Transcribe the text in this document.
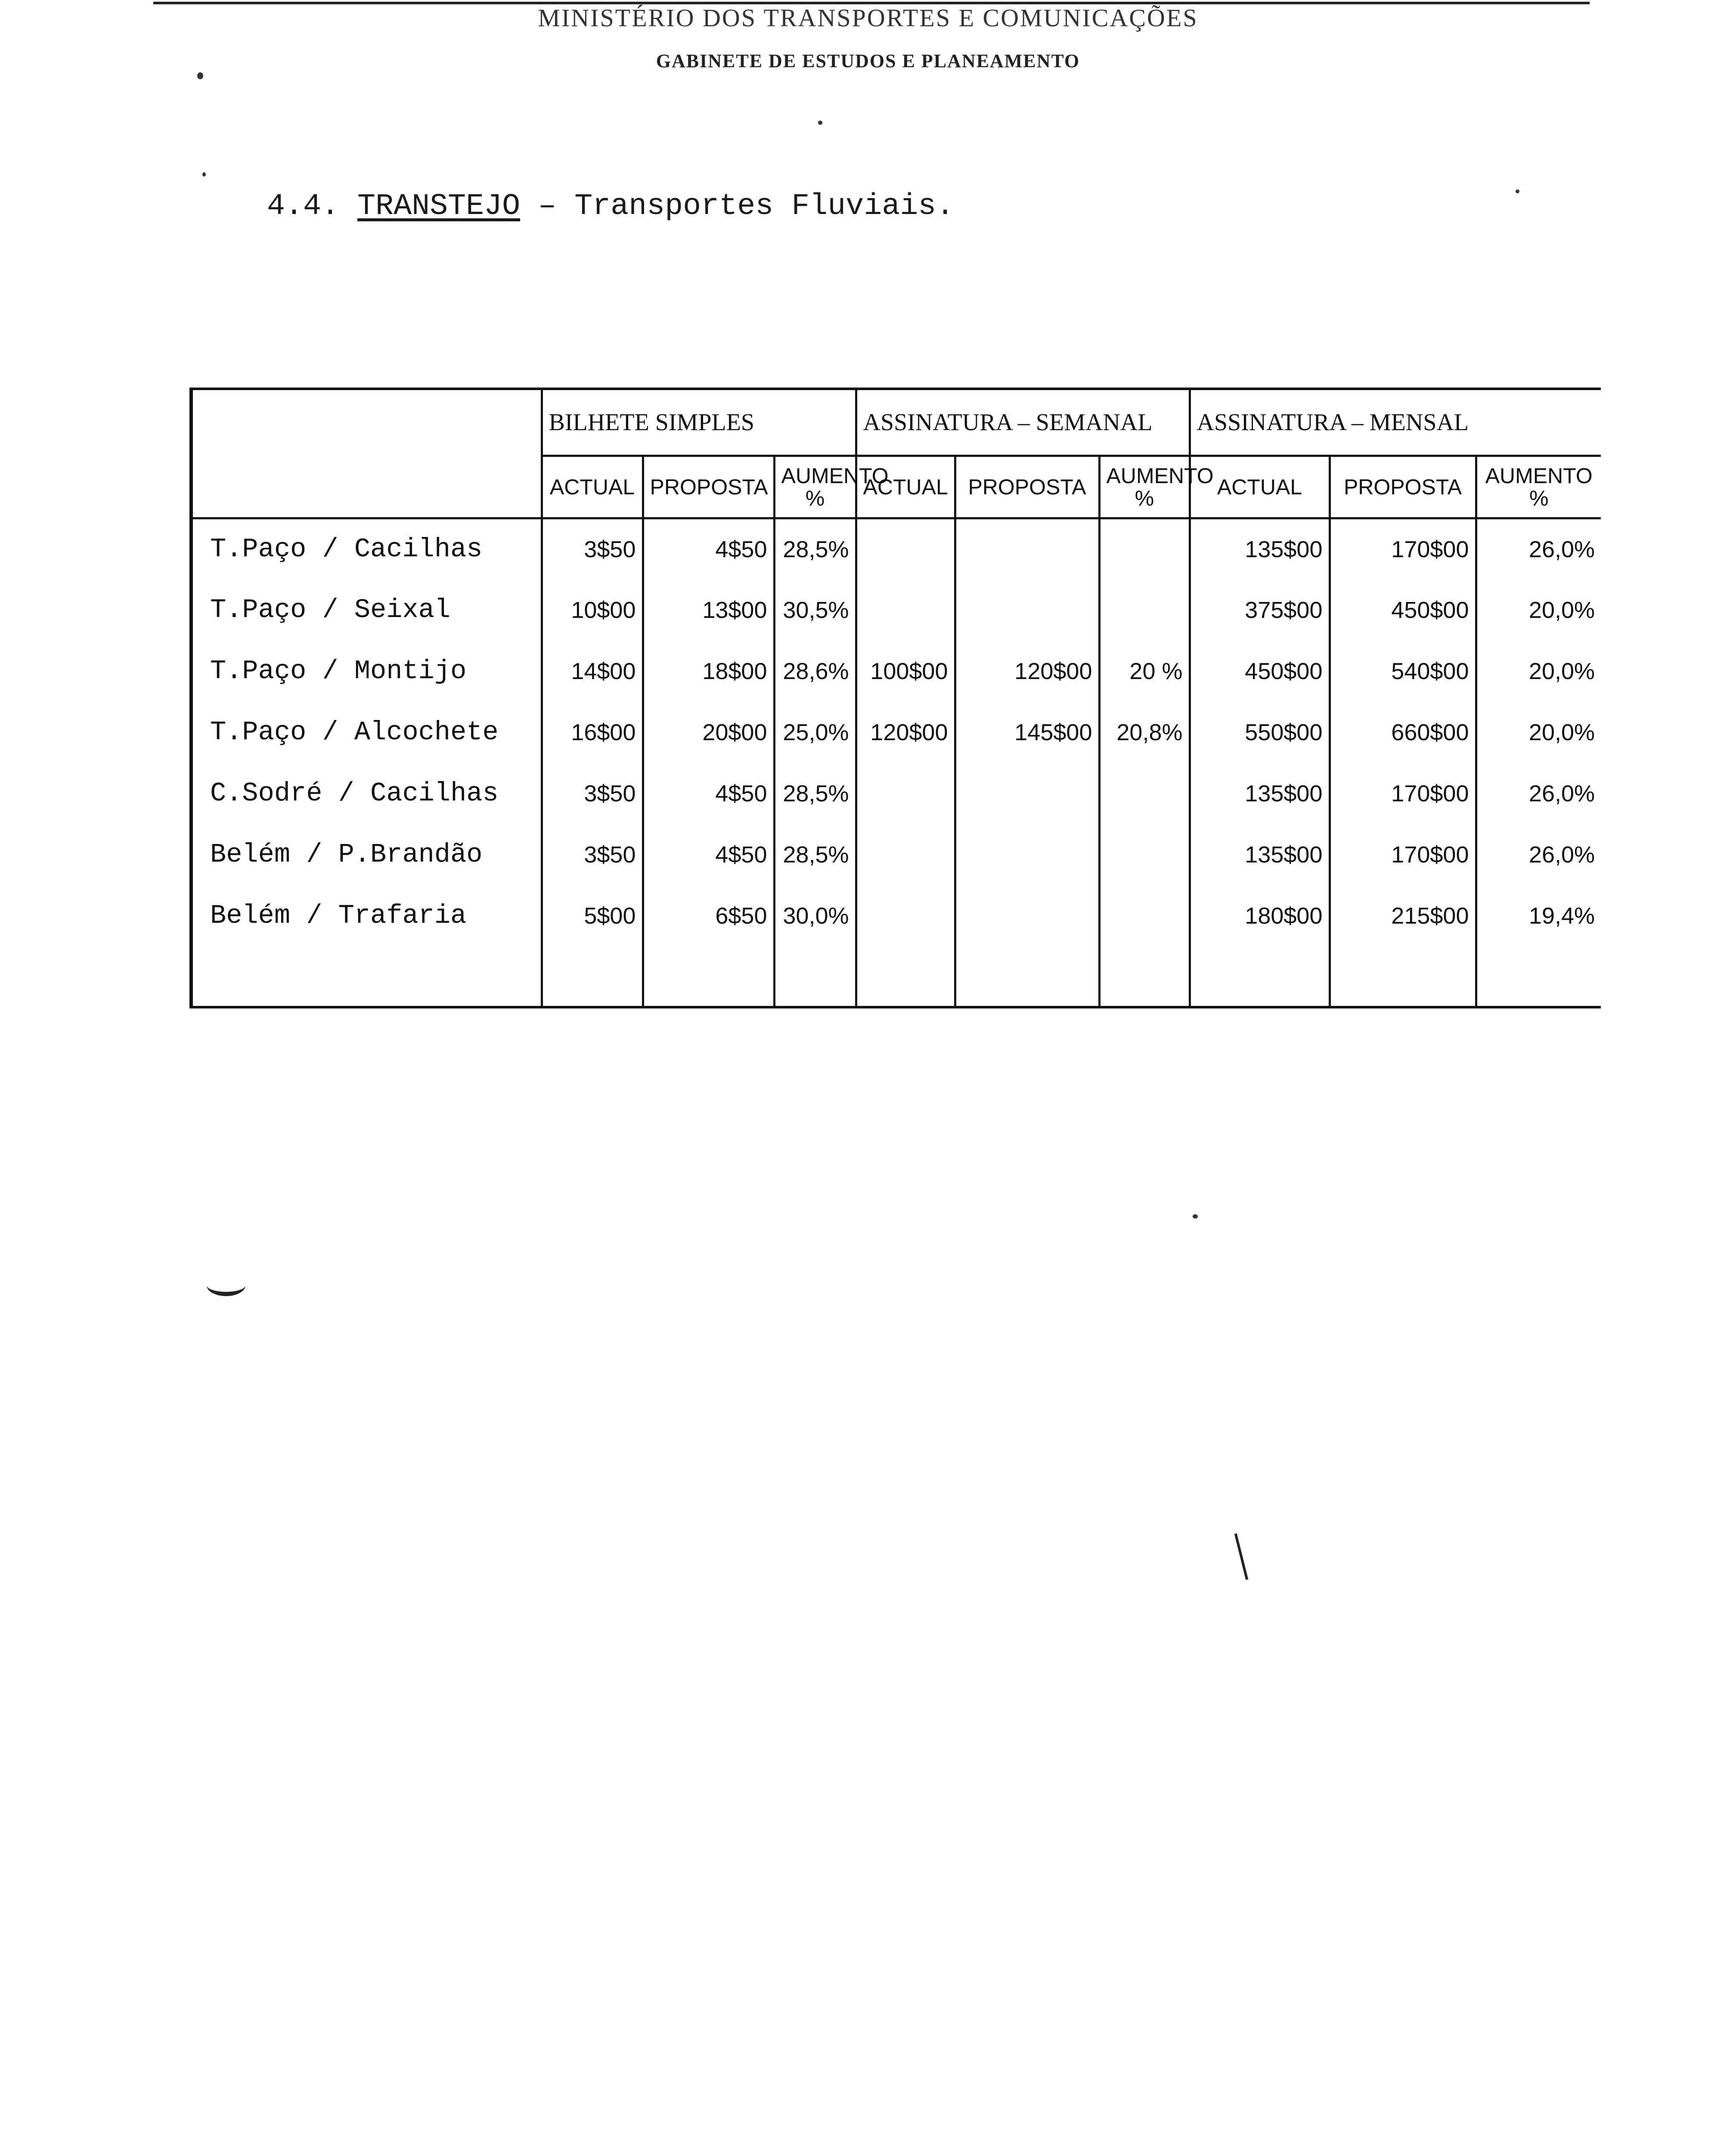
MINISTÉRIO DOS TRANSPORTES E COMUNICAÇÕES
GABINETE DE ESTUDOS E PLANEAMENTO
4.4. TRANSTEJO – Transportes Fluviais.
	BILHETE SIMPLES			ASSINATURA – SEMANAL			ASSINATURA – MENSAL		
	ACTUAL	PROPOSTA	AUMENTO %	ACTUAL	PROPOSTA	AUMENTO %	ACTUAL	PROPOSTA	AUMENTO %
T.Paço / Cacilhas	3$50	4$50	28,5%				135$00	170$00	26,0%
T.Paço / Seixal	10$00	13$00	30,5%				375$00	450$00	20,0%
T.Paço / Montijo	14$00	18$00	28,6%	100$00	120$00	20 %	450$00	540$00	20,0%
T.Paço / Alcochete	16$00	20$00	25,0%	120$00	145$00	20,8%	550$00	660$00	20,0%
C.Sodré / Cacilhas	3$50	4$50	28,5%				135$00	170$00	26,0%
Belém / P.Brandão	3$50	4$50	28,5%				135$00	170$00	26,0%
Belém / Trafaria	5$00	6$50	30,0%				180$00	215$00	19,4%
